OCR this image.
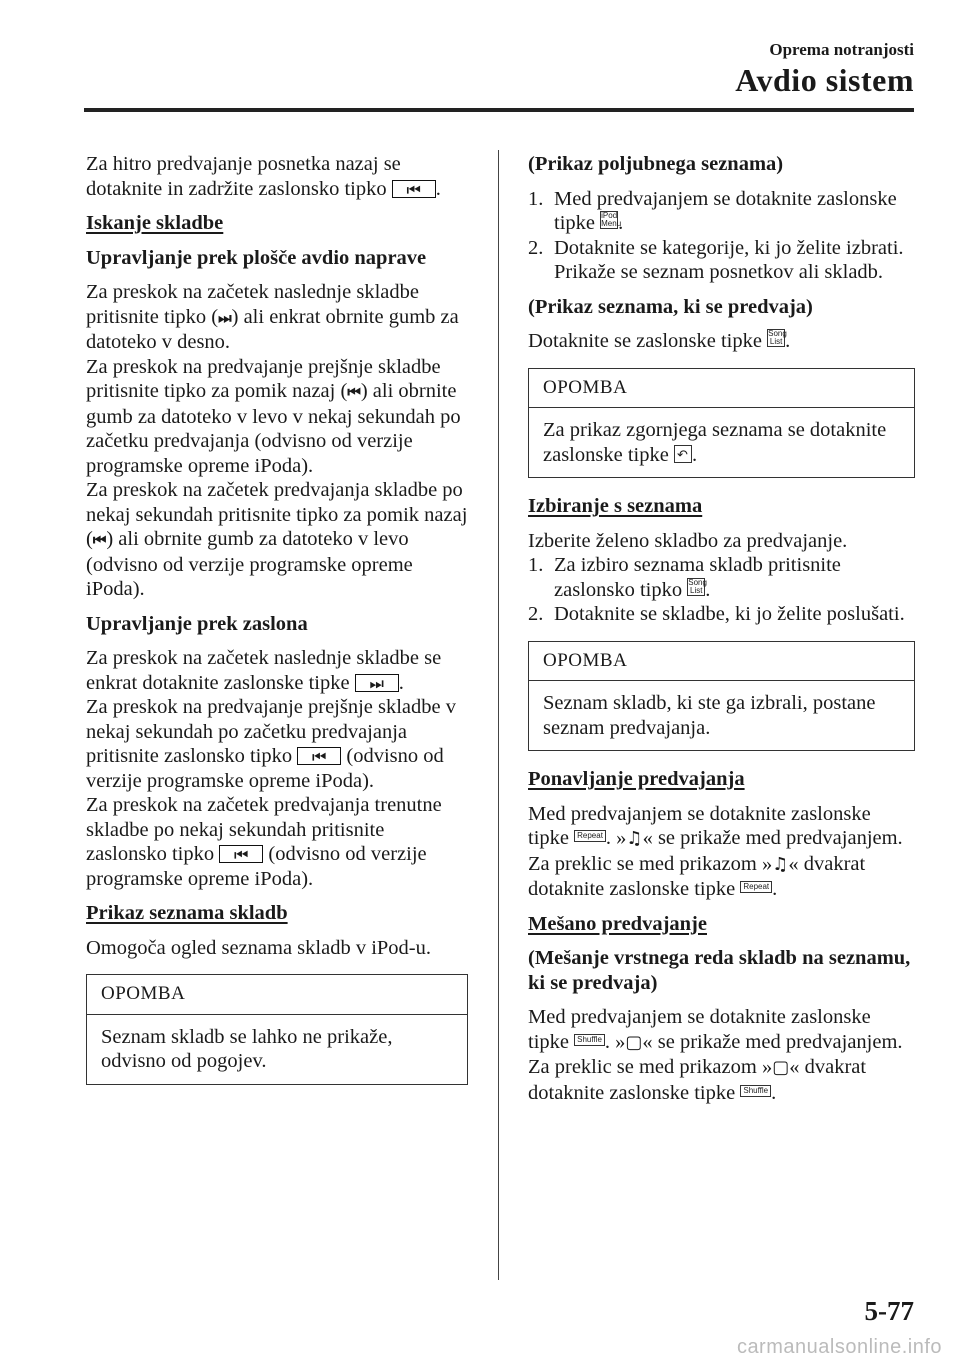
Oprema notranjosti
Avdio sistem

Za hitro predvajanje posnetka nazaj se dotaknite in zadržite zaslonsko tipko ⏮.

Iskanje skladbe
Upravljanje prek plošče avdio naprave

Za preskok na začetek naslednje skladbe pritisnite tipko (⏭) ali enkrat obrnite gumb za datoteko v desno.

Za preskok na predvajanje prejšnje skladbe pritisnite tipko za pomik nazaj (⏮) ali obrnite gumb za datoteko v levo v nekaj sekundah po začetku predvajanja (odvisno od verzije programske opreme iPoda).

Za preskok na začetek predvajanja skladbe po nekaj sekundah pritisnite tipko za pomik nazaj (⏮) ali obrnite gumb za datoteko v levo (odvisno od verzije programske opreme iPoda).

Upravljanje prek zaslona

Za preskok na začetek naslednje skladbe se enkrat dotaknite zaslonske tipke ⏭.

Za preskok na predvajanje prejšnje skladbe v nekaj sekundah po začetku predvajanja pritisnite zaslonsko tipko ⏮ (odvisno od verzije programske opreme iPoda).

Za preskok na začetek predvajanja trenutne skladbe po nekaj sekundah pritisnite zaslonsko tipko ⏮ (odvisno od verzije programske opreme iPoda).

Prikaz seznama skladb

Omogoča ogled seznama skladb v iPod-u.

OPOMBA
Seznam skladb se lahko ne prikaže, odvisno od pogojev.
(Prikaz poljubnega seznama)
1. Med predvajanjem se dotaknite zaslonske tipke iPod
Menu.
2. Dotaknite se kategorije, ki jo želite izbrati. Prikaže se seznam posnetkov ali skladb.
(Prikaz seznama, ki se predvaja)

Dotaknite se zaslonske tipke Song
List .

OPOMBA
Za prikaz zgornjega seznama se dotaknite zaslonske tipke ↶.
Izbiranje s seznama

Izberite želeno skladbo za predvajanje.

1. Za izbiro seznama skladb pritisnite zaslonsko tipko Song
List .
2. Dotaknite se skladbe, ki jo želite poslušati.
OPOMBA
Seznam skladb, ki ste ga izbrali, postane seznam predvajanja.
Ponavljanje predvajanja

Med predvajanjem se dotaknite zaslonske tipke Repeat . »♫« se prikaže med predvajanjem.

Za preklic se med prikazom »♫« dvakrat dotaknite zaslonske tipke Repeat .

Mešano predvajanje
(Mešanje vrstnega reda skladb na seznamu, ki se predvaja)

Med predvajanjem se dotaknite zaslonske tipke Shuffle . »▢« se prikaže med predvajanjem.

Za preklic se med prikazom »▢« dvakrat dotaknite zaslonske tipke Shuffle .

5-77
carmanualsonline.info
